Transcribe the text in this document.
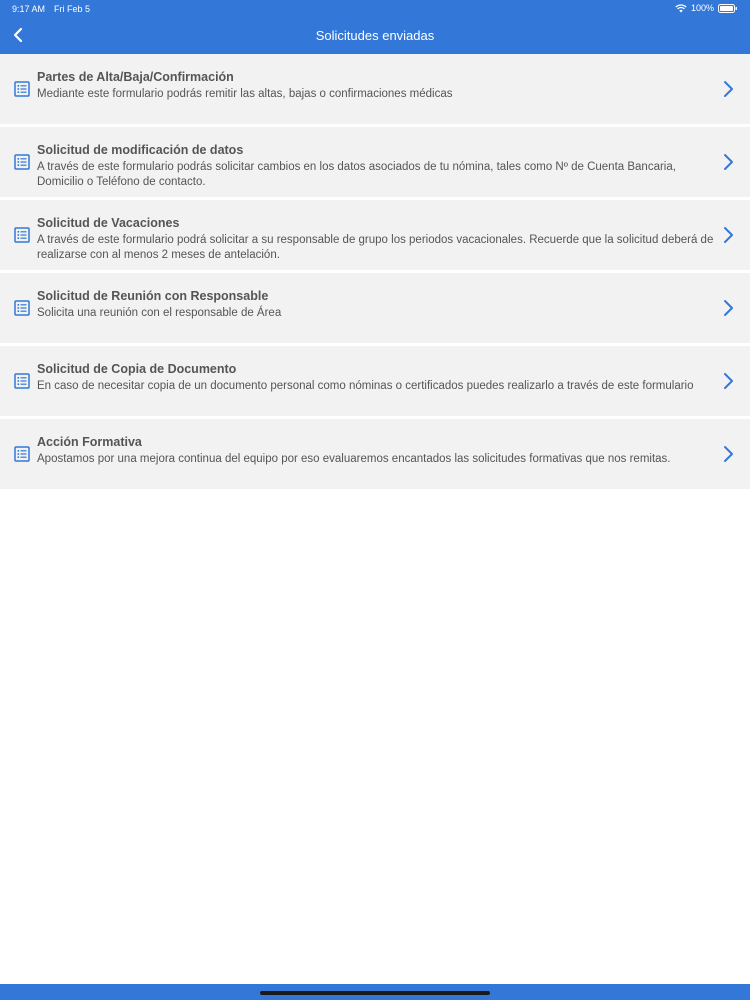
9:17 AM Fri Feb 5	100%
Solicitudes enviadas
Partes de Alta/Baja/Confirmación
Mediante este formulario podrás remitir las altas, bajas o confirmaciones médicas
Solicitud de modificación de datos
A través de este formulario podrás solicitar cambios en los datos asociados de tu nómina, tales como Nº de Cuenta Bancaria, Domicilio o Teléfono de contacto.
Solicitud de Vacaciones
A través de este formulario podrá solicitar a su responsable de grupo los periodos vacacionales. Recuerde que la solicitud deberá de realizarse con al menos 2 meses de antelación.
Solicitud de Reunión con Responsable
Solicita una reunión con el responsable de Área
Solicitud de Copia de Documento
En caso de necesitar copia de un documento personal como nóminas o certificados puedes realizarlo a través de este formulario
Acción Formativa
Apostamos por una mejora continua del equipo por eso evaluaremos encantados las solicitudes formativas que nos remitas.
